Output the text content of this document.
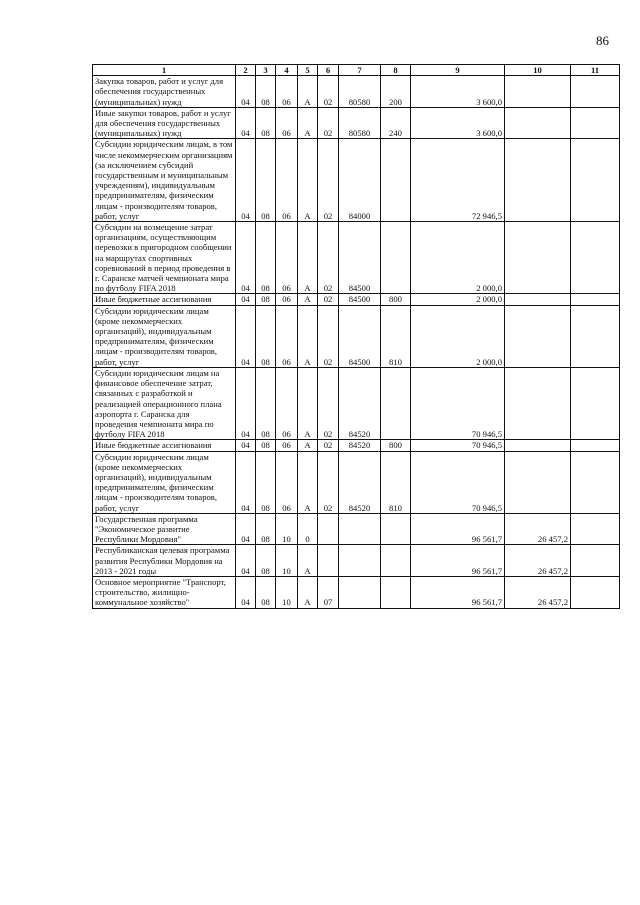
86
1	2	3	4	5	6	7	8	9	10	11
Закупка товаров, работ и услуг для обеспечения государственных (муниципальных) нужд	04	08	06	А	02	80580	200	3 600,0		
Иные закупки товаров, работ и услуг для обеспечения государственных (муниципальных) нужд	04	08	06	А	02	80580	240	3 600,0		
Субсидии юридическим лицам, в том числе некоммерческим организациям (за исключением субсидий государственным и муниципальным учреждениям), индивидуальным предпринимателям, физическим лицам - производителям товаров, работ, услуг	04	08	06	А	02	84000		72 946,5		
Субсидии на возмещение затрат организациям, осуществляющим перевозки в пригородном сообщении на маршрутах спортивных соревнований в период проведения в г. Саранске матчей чемпионата мира по футболу FIFA 2018	04	08	06	А	02	84500		2 000,0		
Иные бюджетные ассигнования	04	08	06	А	02	84500	800	2 000,0		
Субсидии юридическим лицам (кроме некоммерческих организаций), индивидуальным предпринимателям, физическим лицам - производителям товаров, работ, услуг	04	08	06	А	02	84500	810	2 000,0		
Субсидии юридическим лицам на финансовое обеспечение затрат, связанных с разработкой и реализацией операционного плана аэропорта г. Саранска для проведения чемпионата мира по футболу FIFA 2018	04	08	06	А	02	84520		70 946,5		
Иные бюджетные ассигнования	04	08	06	А	02	84520	800	70 946,5		
Субсидии юридическим лицам (кроме некоммерческих организаций), индивидуальным предпринимателям, физическим лицам - производителям товаров, работ, услуг	04	08	06	А	02	84520	810	70 946,5		
Государственная программа "Экономическое развитие Республики Мордовия"	04	08	10	0				96 561,7	26 457,2	
Республиканская целевая программа развития Республики Мордовия на 2013 - 2021 годы	04	08	10	А				96 561,7	26 457,2	
Основное мероприятие "Транспорт, строительство, жилищно-коммунальное хозяйство"	04	08	10	А	07			96 561,7	26 457,2	
